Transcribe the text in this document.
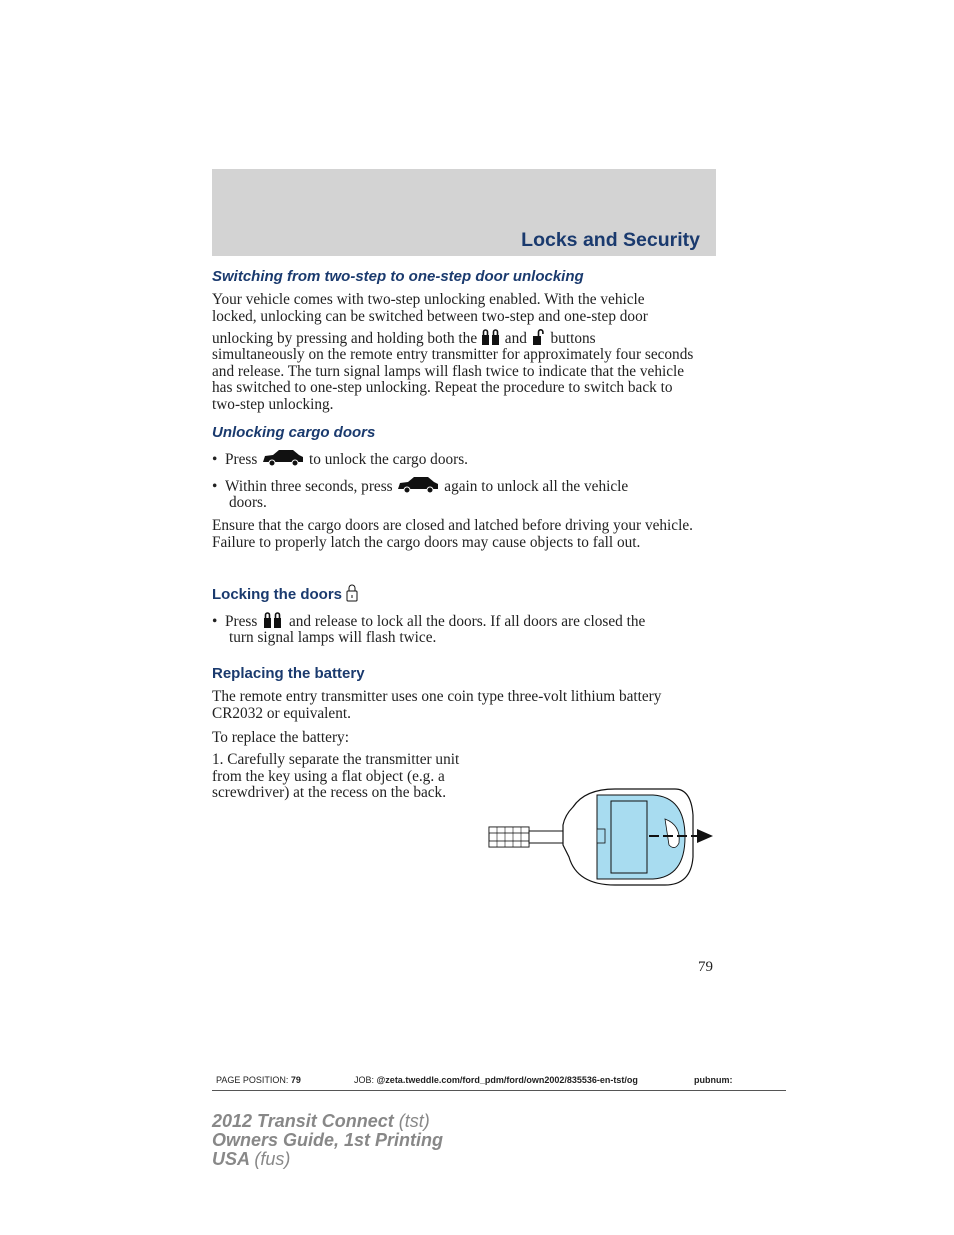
Locks and Security
Switching from two-step to one-step door unlocking
Your vehicle comes with two-step unlocking enabled. With the vehicle
locked, unlocking can be switched between two-step and one-step door
unlocking by pressing and holding both the and buttons
simultaneously on the remote entry transmitter for approximately four seconds and release. The turn signal lamps will flash twice to indicate that the vehicle has switched to one-step unlocking. Repeat the procedure to switch back to two-step unlocking.
Unlocking cargo doors
•  Press	to unlock the cargo doors.
•  Within three seconds, press	again to unlock all the vehicle
doors.
Ensure that the cargo doors are closed and latched before driving your vehicle. Failure to properly latch the cargo doors may cause objects to fall out.
Locking the doors
•  Press and release to lock all the doors. If all doors are closed the
turn signal lamps will flash twice.
Replacing the battery
The remote entry transmitter uses one coin type three-volt lithium battery CR2032 or equivalent.
To replace the battery:
1. Carefully separate the transmitter unit from the key using a flat object (e.g. a screwdriver) at the recess on the back.
79
PAGE POSITION: 79	JOB: @zeta.tweddle.com/ford_pdm/ford/own2002/835536-en-tst/og	pubnum:
2012 Transit Connect (tst)
Owners Guide, 1st Printing
USA (fus)
